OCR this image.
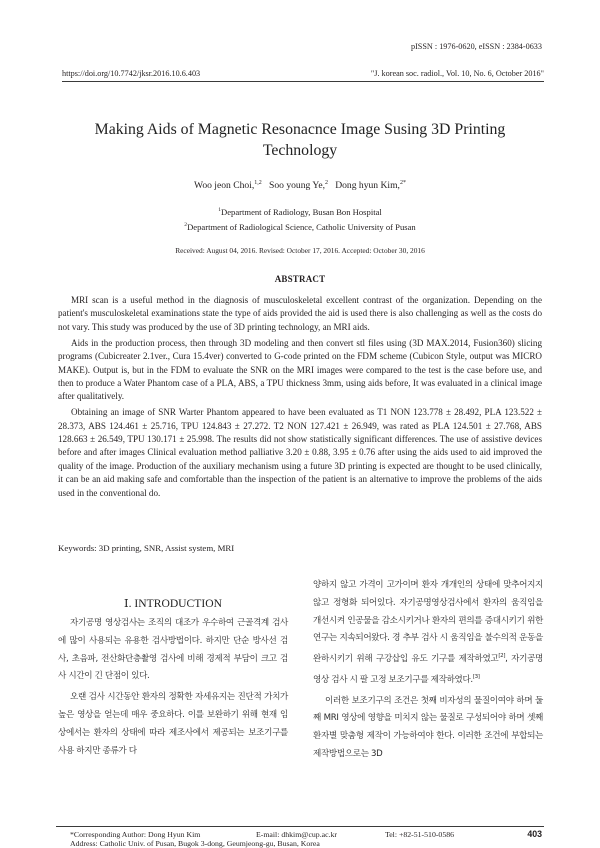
pISSN : 1976-0620, eISSN : 2384-0633
https://doi.org/10.7742/jksr.2016.10.6.403	"J. korean soc. radiol., Vol. 10, No. 6, October 2016"
Making Aids of Magnetic Resonacnce Image Susing 3D Printing
Technology
Woo jeon Choi,$^{1,2}$ Soo young Ye,$^2$ Dong hyun Kim,$^{2*}$
$^1$Department of Radiology, Busan Bon Hospital
$^2$Department of Radiological Science, Catholic University of Pusan
Received: August 04, 2016. Revised: October 17, 2016. Accepted: October 30, 2016
ABSTRACT

MRI scan is a useful method in the diagnosis of musculoskeletal excellent contrast of the organization. Depending on the patient's musculoskeletal examinations state the type of aids provided the aid is used there is also challenging as well as the costs do not vary. This study was produced by the use of 3D printing technology, an MRI aids.

Aids in the production process, then through 3D modeling and then convert stl files using (3D MAX.2014, Fusion360) slicing programs (Cubicreater 2.1ver., Cura 15.4ver) converted to G-code printed on the FDM scheme (Cubicon Style, output was MICRO MAKE). Output is, but in the FDM to evaluate the SNR on the MRI images were compared to the test is the case before use, and then to produce a Water Phantom case of a PLA, ABS, a TPU thickness 3mm, using aids before, It was evaluated in a clinical image after qualitatively.

Obtaining an image of SNR Warter Phantom appeared to have been evaluated as T1 NON 123.778 ± 28.492, PLA 123.522 ± 28.373, ABS 124.461 ± 25.716, TPU 124.843 ± 27.272. T2 NON 127.421 ± 26.949, was rated as PLA 124.501 ± 27.768, ABS 128.663 ± 26.549, TPU 130.171 ± 25.998. The results did not show statistically significant differences. The use of assistive devices before and after images Clinical evaluation method palliative 3.20 ± 0.88, 3.95 ± 0.76 after using the aids used to aid improved the quality of the image. Production of the auxiliary mechanism using a future 3D printing is expected are thought to be used clinically, it can be an aid making safe and comfortable than the inspection of the patient is an alternative to improve the problems of the aids used in the conventional do.

Keywords: 3D printing, SNR, Assist system, MRI
Ⅰ. INTRODUCTION

자기공명 영상검사는 조직의 대조가 우수하여 근골격계 검사에 많이 사용되는 유용한 검사방법이다. 하지만 단순 방사선 검사, 초음파, 전산화단층촬영 검사에 비해 경제적 부담이 크고 검사 시간이 긴 단점이 있다.

오랜 검사 시간동안 환자의 정확한 자세유지는 진단적 가치가 높은 영상을 얻는데 매우 중요하다. 이를 보완하기 위해 현재 임상에서는 환자의 상태에 따라 제조사에서 제공되는 보조기구를 사용 하지만 종류가 다

양하지 않고 가격이 고가이며 환자 개개인의 상태에 맞추어지지 않고 정형화 되어있다. 자기공명영상검사에서 환자의 움직임을 개선시켜 인공물을 감소시키거나 환자의 편의를 증대시키기 위한 연구는 지속되어왔다. 경 추부 검사 시 움직임을 불수의적 운동을 완하시키기 위해 구강삽입 유도 기구를 제작하였고[2], 자기공명영상 검사 시 팔 고정 보조기구를 제작하였다.[3]

이러한 보조기구의 조건은 첫째 비자성의 물질이여야 하며 둘째 MRI 영상에 영향을 미치지 않는 물질로 구성되어야 하며 셋째 환자별 맞춤형 제작이 가능하여야 한다. 이러한 조건에 부합되는 제작방법으로는 3D

*Corresponding Author: Dong Hyun Kim	E-mail: dhkim@cup.ac.kr	Tel: +82-51-510-0586	403
Address: Catholic Univ. of Pusan, Bugok 3-dong, Geumjeong-gu, Busan, Korea
